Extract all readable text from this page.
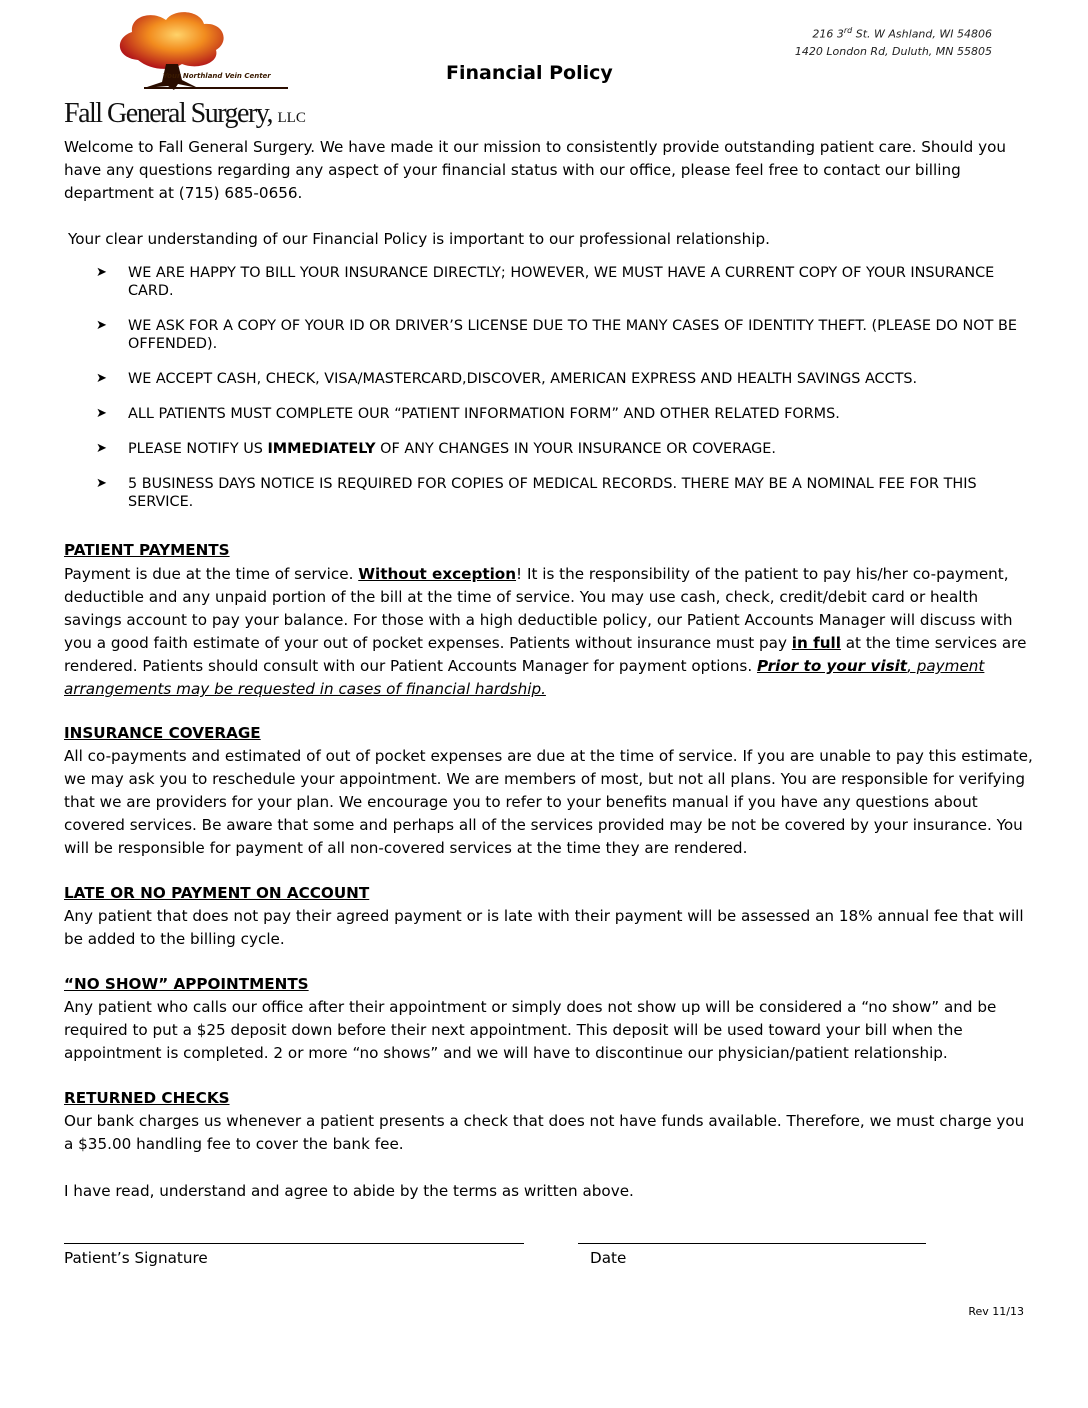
Your Northland Vein Center
Fall General Surgery, LLC
216 3rd St. W Ashland, WI 54806
1420 London Rd, Duluth, MN 55805
Financial Policy
Welcome to Fall General Surgery. We have made it our mission to consistently provide outstanding patient care. Should you have any questions regarding any aspect of your financial status with our office, please feel free to contact our billing department at (715) 685-0656.
Your clear understanding of our Financial Policy is important to our professional relationship.
➤	WE ARE HAPPY TO BILL YOUR INSURANCE DIRECTLY; HOWEVER, WE MUST HAVE A CURRENT COPY OF YOUR INSURANCE CARD.
➤	WE ASK FOR A COPY OF YOUR ID OR DRIVER’S LICENSE DUE TO THE MANY CASES OF IDENTITY THEFT. (PLEASE DO NOT BE OFFENDED).
➤	WE ACCEPT CASH, CHECK, VISA/MASTERCARD,DISCOVER, AMERICAN EXPRESS AND HEALTH SAVINGS ACCTS.
➤	ALL PATIENTS MUST COMPLETE OUR “PATIENT INFORMATION FORM” AND OTHER RELATED FORMS.
➤	PLEASE NOTIFY US IMMEDIATELY OF ANY CHANGES IN YOUR INSURANCE OR COVERAGE.
➤	5 BUSINESS DAYS NOTICE IS REQUIRED FOR COPIES OF MEDICAL RECORDS. THERE MAY BE A NOMINAL FEE FOR THIS SERVICE.
PATIENT PAYMENTS
Payment is due at the time of service. Without exception! It is the responsibility of the patient to pay his/her co-payment, deductible and any unpaid portion of the bill at the time of service. You may use cash, check, credit/debit card or health savings account to pay your balance. For those with a high deductible policy, our Patient Accounts Manager will discuss with you a good faith estimate of your out of pocket expenses. Patients without insurance must pay in full at the time services are rendered. Patients should consult with our Patient Accounts Manager for payment options. Prior to your visit, payment arrangements may be requested in cases of financial hardship.
INSURANCE COVERAGE
All co-payments and estimated of out of pocket expenses are due at the time of service. If you are unable to pay this estimate, we may ask you to reschedule your appointment. We are members of most, but not all plans. You are responsible for verifying that we are providers for your plan. We encourage you to refer to your benefits manual if you have any questions about covered services. Be aware that some and perhaps all of the services provided may be not be covered by your insurance. You will be responsible for payment of all non-covered services at the time they are rendered.
LATE OR NO PAYMENT ON ACCOUNT
Any patient that does not pay their agreed payment or is late with their payment will be assessed an 18% annual fee that will be added to the billing cycle.
“NO SHOW” APPOINTMENTS
Any patient who calls our office after their appointment or simply does not show up will be considered a “no show” and be required to put a $25 deposit down before their next appointment. This deposit will be used toward your bill when the appointment is completed. 2 or more “no shows” and we will have to discontinue our physician/patient relationship.
RETURNED CHECKS
Our bank charges us whenever a patient presents a check that does not have funds available. Therefore, we must charge you a $35.00 handling fee to cover the bank fee.
I have read, understand and agree to abide by the terms as written above.
Patient’s Signature	Date
Rev 11/13
